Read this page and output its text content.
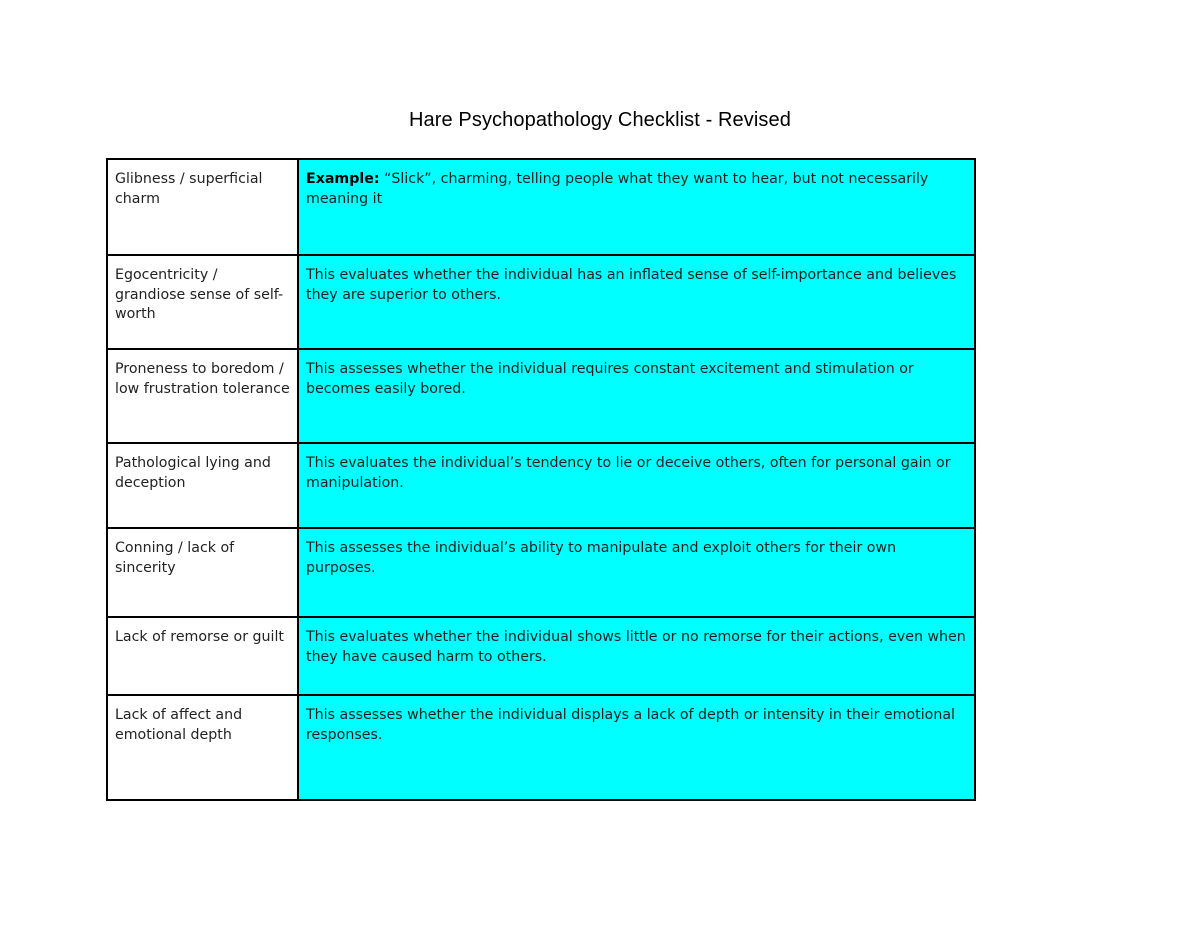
Hare Psychopathology Checklist - Revised
Glibness / superficial charm	Example: “Slick”, charming, telling people what they want to hear, but not necessarily meaning it
Egocentricity / grandiose sense of self-worth	This evaluates whether the individual has an inflated sense of self-importance and believes they are superior to others.
Proneness to boredom / low frustration tolerance	This assesses whether the individual requires constant excitement and stimulation or becomes easily bored.
Pathological lying and deception	This evaluates the individual’s tendency to lie or deceive others, often for personal gain or manipulation.
Conning / lack of sincerity	This assesses the individual’s ability to manipulate and exploit others for their own purposes.
Lack of remorse or guilt	This evaluates whether the individual shows little or no remorse for their actions, even when they have caused harm to others.
Lack of affect and emotional depth	This assesses whether the individual displays a lack of depth or intensity in their emotional responses.
